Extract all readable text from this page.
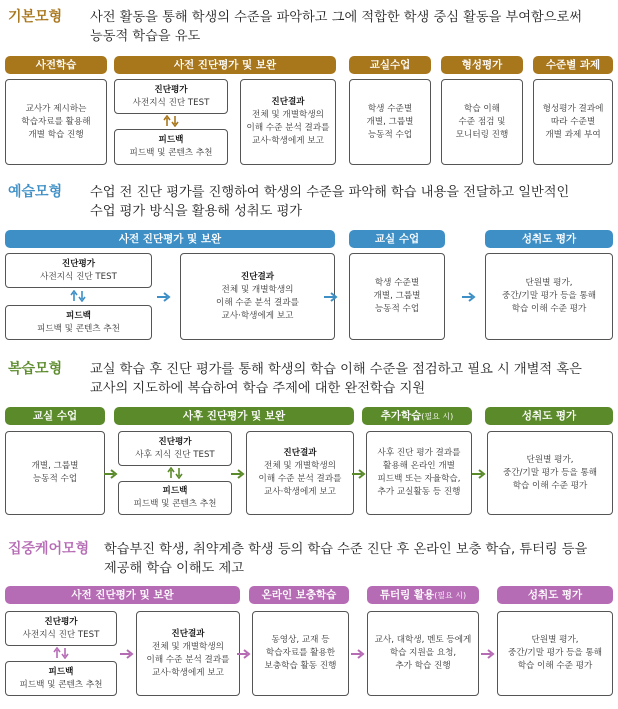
기본모형 사전 활동을 통해 학생의 수준을 파악하고 그에 적합한 학생 중심 활동을 부여함으로써
능동적 학습을 유도
사전학습	사전 진단평가 및 보완	교실수업	형성평가	수준별 과제
교사가 제시하는
학습자료를 활용해
개별 학습 진행
진단평가
사전지식 진단 TEST
피드백
피드백 및 콘텐츠 추천
진단결과
전체 및 개별학생의
이해 수준 분석 결과를
교사·학생에게 보고
학생 수준별
개별, 그룹별
능동적 수업
학습 이해
수준 점검 및
모니터링 진행
형성평가 결과에
따라 수준별
개별 과제 부여
예습모형 수업 전 진단 평가를 진행하여 학생의 수준을 파악해 학습 내용을 전달하고 일반적인
수업 평가 방식을 활용해 성취도 평가
사전 진단평가 및 보완	교실 수업	성취도 평가
진단평가
사전지식 진단 TEST
피드백
피드백 및 콘텐츠 추천
진단결과
전체 및 개별학생의
이해 수준 분석 결과를
교사·학생에게 보고
학생 수준별
개별, 그룹별
능동적 수업
단원별 평가,
중간/기말 평가 등을 통해
학습 이해 수준 평가
복습모형 교실 학습 후 진단 평가를 통해 학생의 학습 이해 수준을 점검하고 필요 시 개별적 혹은
교사의 지도하에 복습하여 학습 주제에 대한 완전학습 지원
교실 수업	사후 진단평가 및 보완	추가학습(필요 시)	성취도 평가
개별, 그룹별
능동적 수업
진단평가
사후 지식 진단 TEST
피드백
피드백 및 콘텐츠 추천
진단결과
전체 및 개별학생의
이해 수준 분석 결과를
교사·학생에게 보고
사후 진단 평가 결과를
활용해 온라인 개별
피드백 또는 자율학습,
추가 교실활동 등 진행
단원별 평가,
중간/기말 평가 등을 통해
학습 이해 수준 평가
집중케어모형 학습부진 학생, 취약계층 학생 등의 학습 수준 진단 후 온라인 보충 학습, 튜터링 등을
제공해 학습 이해도 제고
사전 진단평가 및 보완	온라인 보충학습	튜터링 활용(필요 시)	성취도 평가
진단평가
사전지식 진단 TEST
피드백
피드백 및 콘텐츠 추천
진단결과
전체 및 개별학생의
이해 수준 분석 결과를
교사·학생에게 보고
동영상, 교재 등
학습자료를 활용한
보충학습 활동 진행
교사, 대학생, 멘토 등에게
학습 지원을 요청,
추가 학습 진행
단원별 평가,
중간/기말 평가 등을 통해
학습 이해 수준 평가
